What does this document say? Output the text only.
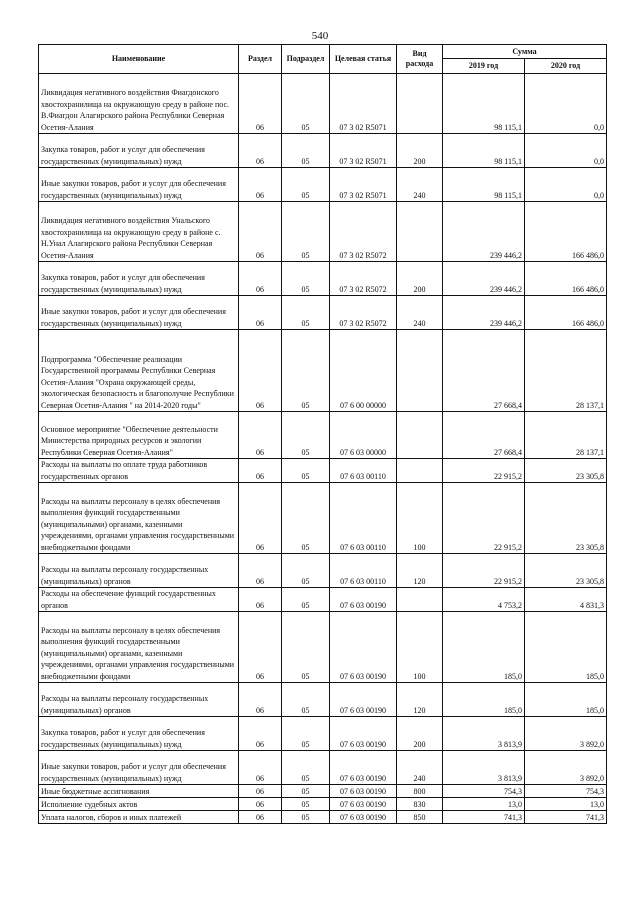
540
Наименование	Раздел	Подраздел	Целевая статья	Вид расхода	Сумма	
					2019 год	2020 год
Ликвидация негативного воздействия Фиагдонского хвостохранилища на окружающую среду в районе пос. В.Фиагдон Алагирского района Республики Северная Осетия-Алания	06	05	07 3 02 R5071		98 115,1	0,0
Закупка товаров, работ и услуг для обеспечения государственных (муниципальных) нужд	06	05	07 3 02 R5071	200	98 115,1	0,0
Иные закупки товаров, работ и услуг для обеспечения государственных (муниципальных) нужд	06	05	07 3 02 R5071	240	98 115,1	0,0
Ликвидация негативного воздействия Унальского хвостохранилища на окружающую среду в районе с. Н.Унал Алагирского района Республики Северная Осетия-Алания	06	05	07 3 02 R5072		239 446,2	166 486,0
Закупка товаров, работ и услуг для обеспечения государственных (муниципальных) нужд	06	05	07 3 02 R5072	200	239 446,2	166 486,0
Иные закупки товаров, работ и услуг для обеспечения государственных (муниципальных) нужд	06	05	07 3 02 R5072	240	239 446,2	166 486,0
Подпрограмма "Обеспечение реализации Государственной программы Республики Северная Осетия-Алания "Охрана окружающей среды, экологическая безопасность и благополучие Республики Северная Осетия-Алания " на 2014-2020 годы"	06	05	07 6 00 00000		27 668,4	28 137,1
Основное мероприятие "Обеспечение деятельности Министерства природных ресурсов и экологии Республики Северная Осетия-Алания"	06	05	07 6 03 00000		27 668,4	28 137,1
Расходы на выплаты по оплате труда работников государственных органов	06	05	07 6 03 00110		22 915,2	23 305,8
Расходы на выплаты персоналу в целях обеспечения выполнения функций государственными (муниципальными) органами, казенными учреждениями, органами управления государственными внебюджетными фондами	06	05	07 6 03 00110	100	22 915,2	23 305,8
Расходы на выплаты персоналу государственных (муниципальных) органов	06	05	07 6 03 00110	120	22 915,2	23 305,8
Расходы на обеспечение функций государственных органов	06	05	07 6 03 00190		4 753,2	4 831,3
Расходы на выплаты персоналу в целях обеспечения выполнения функций государственными (муниципальными) органами, казенными учреждениями, органами управления государственными внебюджетными фондами	06	05	07 6 03 00190	100	185,0	185,0
Расходы на выплаты персоналу государственных (муниципальных) органов	06	05	07 6 03 00190	120	185,0	185,0
Закупка товаров, работ и услуг для обеспечения государственных (муниципальных) нужд	06	05	07 6 03 00190	200	3 813,9	3 892,0
Иные закупки товаров, работ и услуг для обеспечения государственных (муниципальных) нужд	06	05	07 6 03 00190	240	3 813,9	3 892,0
Иные бюджетные ассигнования	06	05	07 6 03 00190	800	754,3	754,3
Исполнение судебных актов	06	05	07 6 03 00190	830	13,0	13,0
Уплата налогов, сборов и иных платежей	06	05	07 6 03 00190	850	741,3	741,3
